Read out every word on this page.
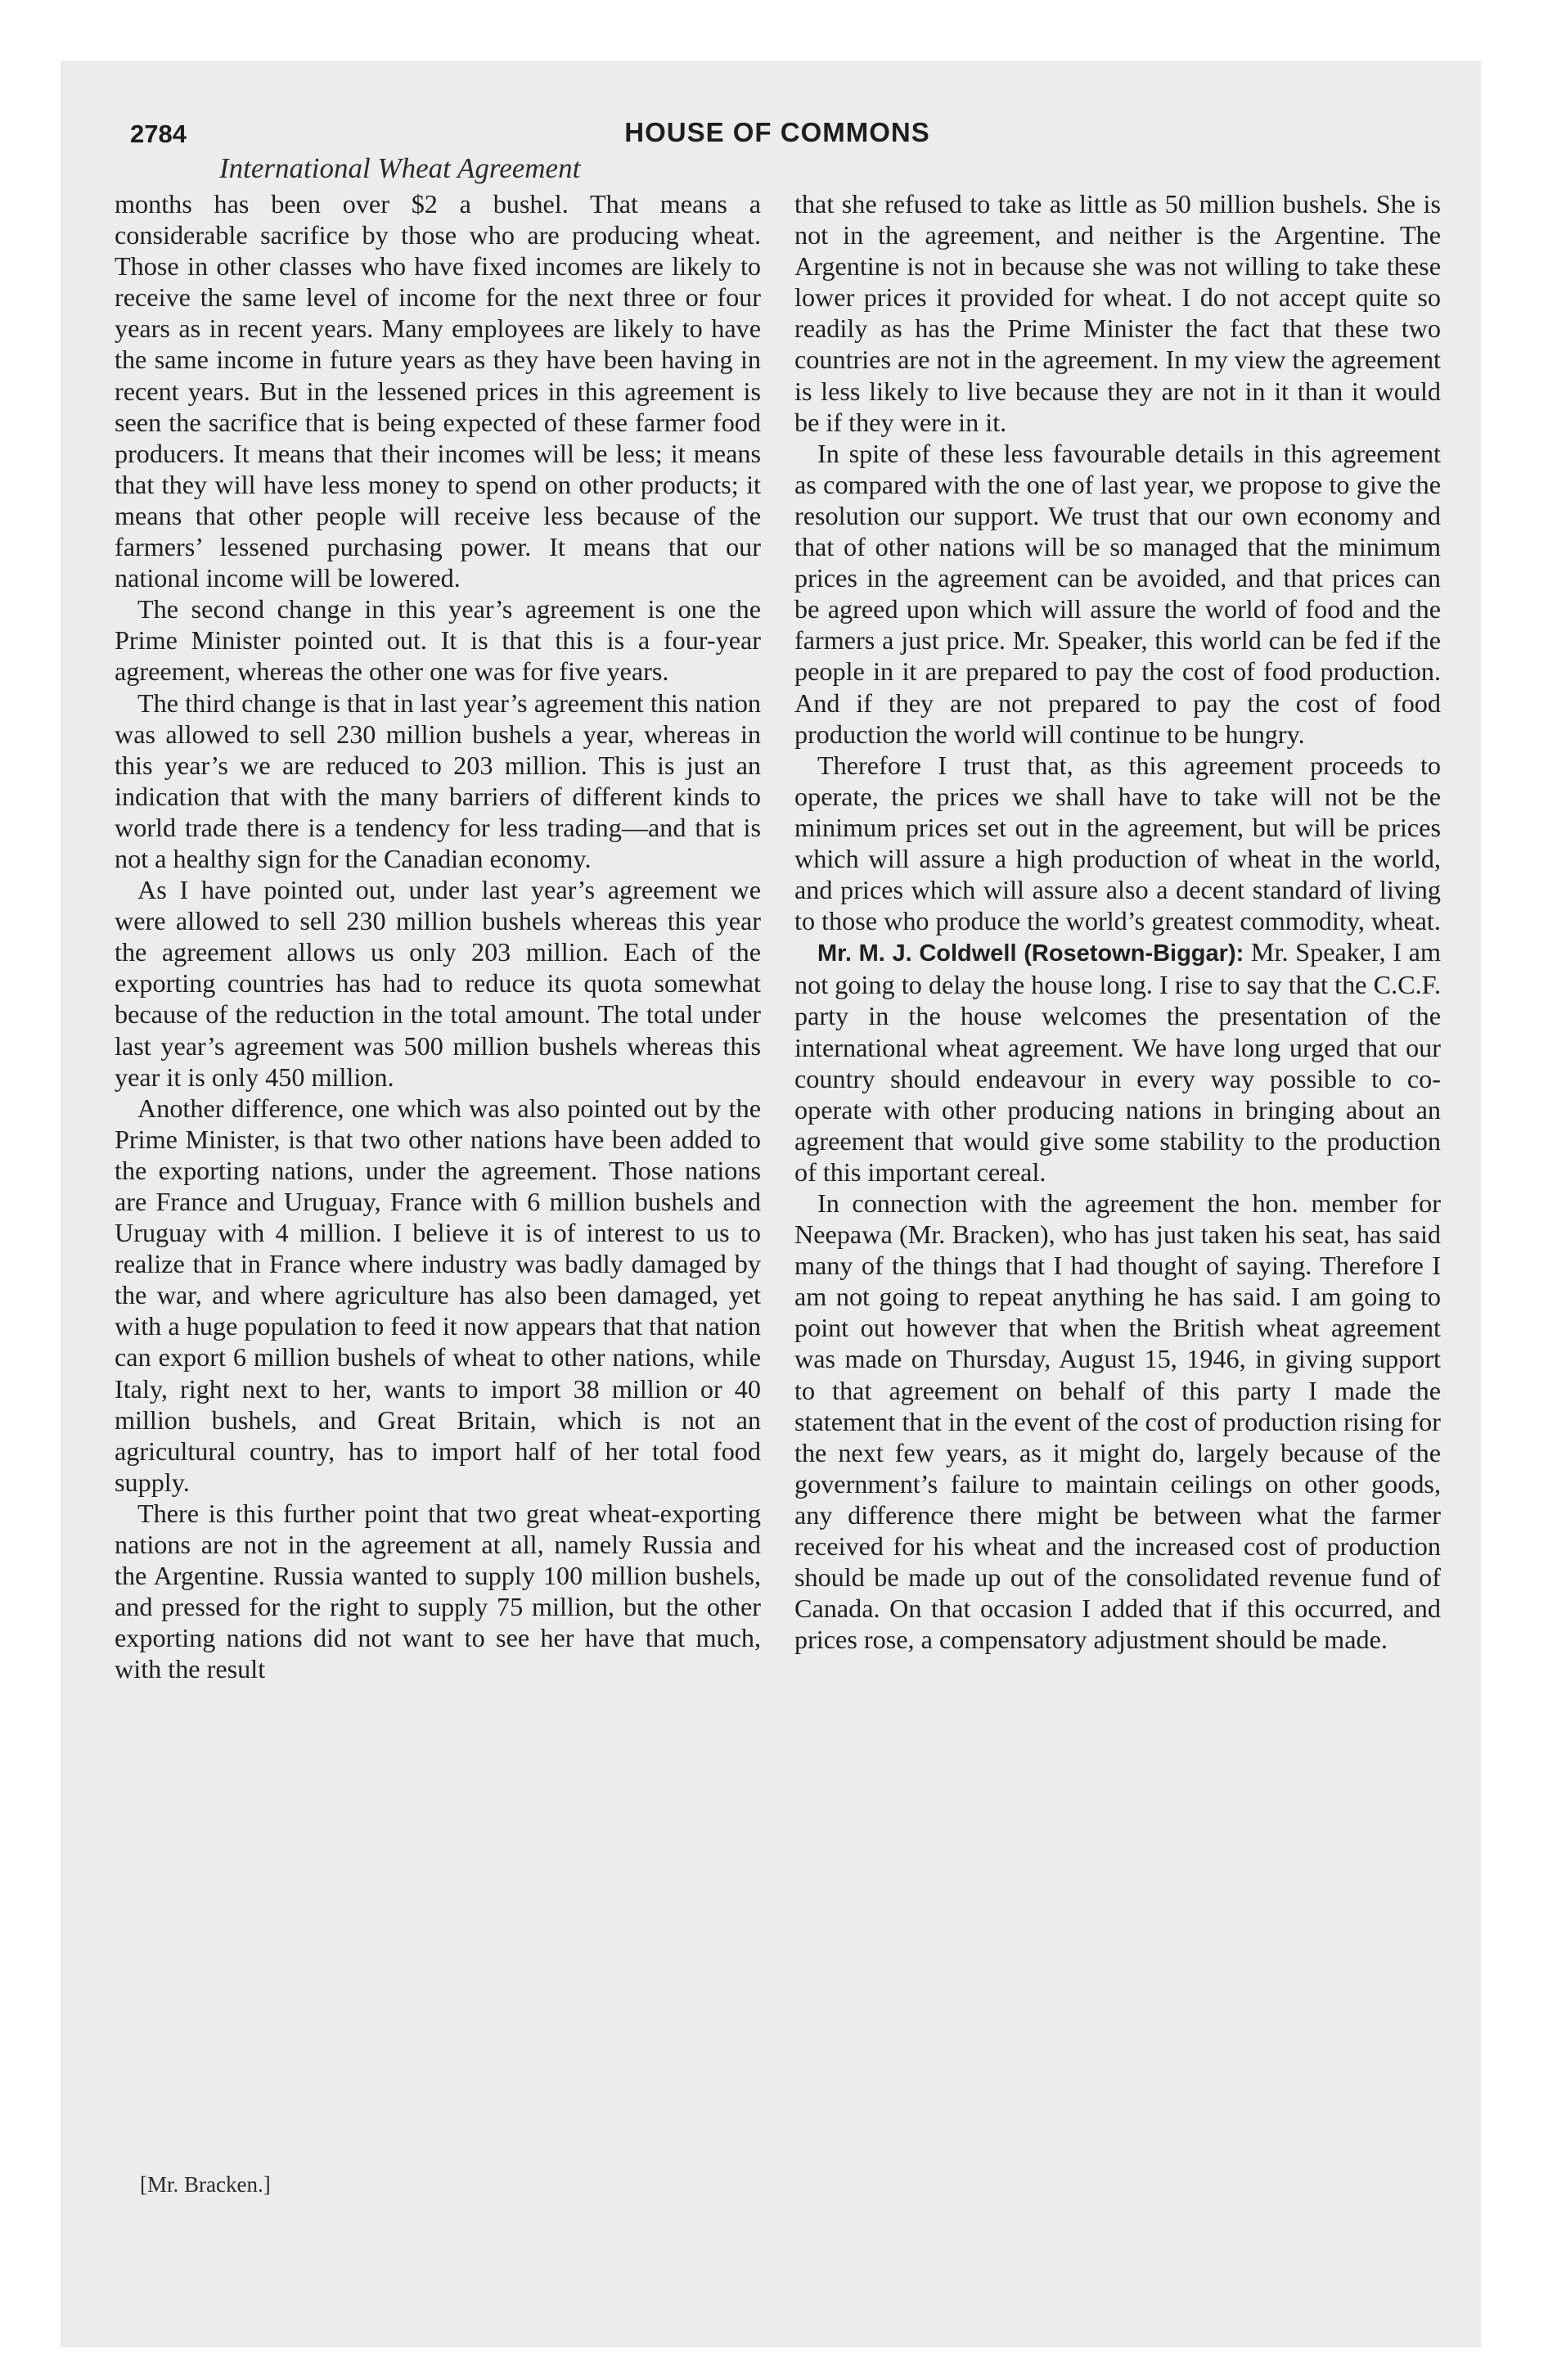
2784	HOUSE OF COMMONS
International Wheat Agreement

months has been over $2 a bushel. That means a considerable sacrifice by those who are producing wheat. Those in other classes who have fixed incomes are likely to receive the same level of income for the next three or four years as in recent years. Many employees are likely to have the same income in future years as they have been having in recent years. But in the lessened prices in this agreement is seen the sacrifice that is being expected of these farmer food producers. It means that their incomes will be less; it means that they will have less money to spend on other products; it means that other people will receive less because of the farmers’ lessened purchasing power. It means that our national income will be lowered.

The second change in this year’s agreement is one the Prime Minister pointed out. It is that this is a four-year agreement, whereas the other one was for five years.

The third change is that in last year’s agreement this nation was allowed to sell 230 million bushels a year, whereas in this year’s we are reduced to 203 million. This is just an indication that with the many barriers of different kinds to world trade there is a tendency for less trading—and that is not a healthy sign for the Canadian economy.

As I have pointed out, under last year’s agreement we were allowed to sell 230 million bushels whereas this year the agreement allows us only 203 million. Each of the exporting countries has had to reduce its quota somewhat because of the reduction in the total amount. The total under last year’s agreement was 500 million bushels whereas this year it is only 450 million.

Another difference, one which was also pointed out by the Prime Minister, is that two other nations have been added to the exporting nations, under the agreement. Those nations are France and Uruguay, France with 6 million bushels and Uruguay with 4 million. I believe it is of interest to us to realize that in France where industry was badly damaged by the war, and where agriculture has also been damaged, yet with a huge population to feed it now appears that that nation can export 6 million bushels of wheat to other nations, while Italy, right next to her, wants to import 38 million or 40 million bushels, and Great Britain, which is not an agricultural country, has to import half of her total food supply.

There is this further point that two great wheat-exporting nations are not in the agreement at all, namely Russia and the Argentine. Russia wanted to supply 100 million bushels, and pressed for the right to supply 75 million, but the other exporting nations did not want to see her have that much, with the result

that she refused to take as little as 50 million bushels. She is not in the agreement, and neither is the Argentine. The Argentine is not in because she was not willing to take these lower prices it provided for wheat. I do not accept quite so readily as has the Prime Minister the fact that these two countries are not in the agreement. In my view the agreement is less likely to live because they are not in it than it would be if they were in it.

In spite of these less favourable details in this agreement as compared with the one of last year, we propose to give the resolution our support. We trust that our own economy and that of other nations will be so managed that the minimum prices in the agreement can be avoided, and that prices can be agreed upon which will assure the world of food and the farmers a just price. Mr. Speaker, this world can be fed if the people in it are prepared to pay the cost of food production. And if they are not prepared to pay the cost of food production the world will continue to be hungry.

Therefore I trust that, as this agreement proceeds to operate, the prices we shall have to take will not be the minimum prices set out in the agreement, but will be prices which will assure a high production of wheat in the world, and prices which will assure also a decent standard of living to those who produce the world’s greatest commodity, wheat.

Mr. M. J. Coldwell (Rosetown-Biggar): Mr. Speaker, I am not going to delay the house long. I rise to say that the C.C.F. party in the house welcomes the presentation of the international wheat agreement. We have long urged that our country should endeavour in every way possible to co-operate with other producing nations in bringing about an agreement that would give some stability to the production of this important cereal.

In connection with the agreement the hon. member for Neepawa (Mr. Bracken), who has just taken his seat, has said many of the things that I had thought of saying. Therefore I am not going to repeat anything he has said. I am going to point out however that when the British wheat agreement was made on Thursday, August 15, 1946, in giving support to that agreement on behalf of this party I made the statement that in the event of the cost of production rising for the next few years, as it might do, largely because of the government’s failure to maintain ceilings on other goods, any difference there might be between what the farmer received for his wheat and the increased cost of production should be made up out of the consolidated revenue fund of Canada. On that occasion I added that if this occurred, and prices rose, a compensatory adjustment should be made.

[Mr. Bracken.]
